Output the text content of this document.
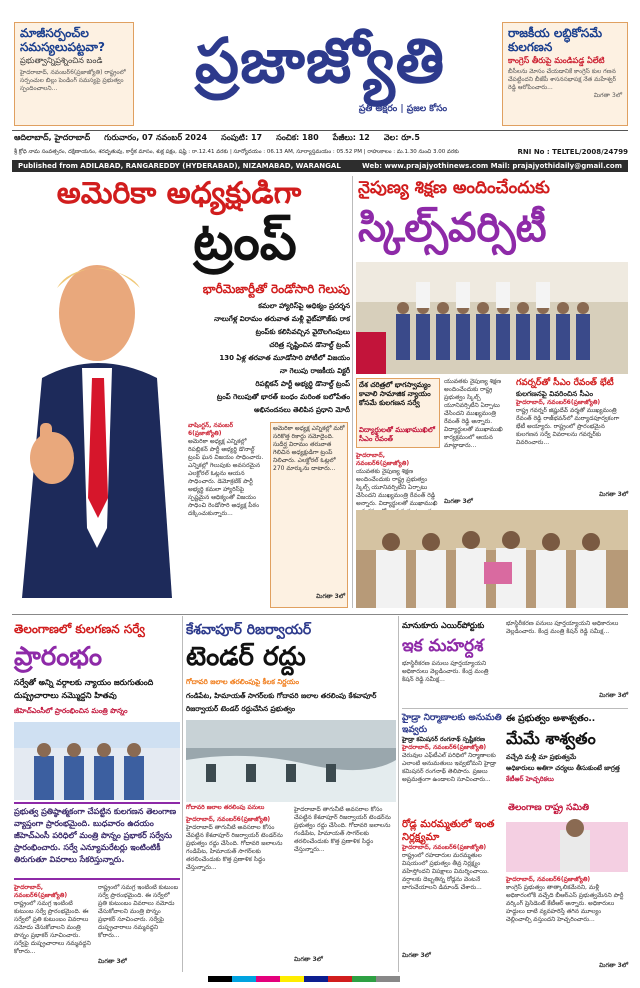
మాజీసర్పంచ్‌ల
సమస్యలుపట్టవా?
ప్రభుత్వాన్నిప్రశ్నించిన బండి
హైదరాబాద్, నవంబర్6(ప్రజాజ్యోతి) రాష్ట్రంలో సర్పంచుల బిల్లు పెండింగ్ సమస్యపై ప్రభుత్వం స్పందించాలని...	ప్రజాజ్యోతి
ప్రతి అక్షరం | ప్రజల కోసం
రాజకీయ లబ్ధికోసమే కులగణన
కాంగ్రెస్ తీరుపై మండిపడ్డ ఏలేటి
బీసీలను మోసం చేయడానికే కాంగ్రెస్ కుల గణన చేపట్టిందని బీజేపీ శాసనసభాపక్ష నేత మహేశ్వర్ రెడ్డి ఆరోపించారు...
మిగతా 3లో
ఆదిలాబాద్, హైదరాబాద్ గురువారం, 07 నవంబర్ 2024 సంపుటి: 17 సంచిక: 180 పేజీలు: 12 వెల: రూ.5
RNI No : TELTEL/2008/24799
శ్రీ క్రోధి నామ సంవత్సరం, దక్షిణాయనం, శరదృతువు, కార్తీక మాసం, శుక్ల పక్షం, షష్ఠి : రా.12.41 వరకు | సూర్యోదయం : 06.13 AM, సూర్యాస్తమయం : 05.52 PM | రాహుకాలం : మ.1.30 నుంచి 3.00 వరకు
Published from ADILABAD, RANGAREDDY (HYDERABAD), NIZAMABAD, WARANGAL	Web: www.prajajyothinews.com Mail: prajajyothidaily@gmail.com
అమెరికా అధ్యక్షుడిగా
ట్రంప్
భారీమెజార్టీతో రెండోసారి గెలుపు
కమలా హ్యారిస్‌పై ఆధిక్యం ప్రదర్శన
నాలుగేళ్ల విరామం తరువాత మళ్లీ వైట్‌హౌజ్‌కు రాక
ట్రంప్‌కు కలిసివచ్చిన వైదొలగింపులు
చరిత్ర సృష్టించిన డొనాల్డ్ ట్రంప్
130 ఏళ్ల తరవాత మూడోసారి పోటీలో విజయం
నా గెలుపు రాజకీయ విక్టరీ
రిపబ్లికన్ పార్టీ అభ్యర్థి డొనాల్డ్ ట్రంప్
ట్రంప్ గెలుపుతో భారత్ బంధం మరింత బలోపేతం
అభినందనలు తెలిపిన ప్రధాని మోదీ
వాషింగ్టన్, నవంబర్ 6(ప్రజాజ్యోతి)
అమెరికా అధ్యక్ష ఎన్నికల్లో రిపబ్లికన్ పార్టీ అభ్యర్థి డొనాల్డ్ ట్రంప్ ఘన విజయం సాధించారు. ఎన్నికల్లో గెలుపుకు అవసరమైన ఎలక్టోరల్ ఓట్లను ఆయన సాధించారు. డెమోక్రటిక్ పార్టీ అభ్యర్థి కమలా హ్యారిస్‌పై స్పష్టమైన ఆధిక్యంతో విజయం సాధించి రెండోసారి అధ్యక్ష పీఠం దక్కించుకున్నారు...
అమెరికా అధ్యక్ష ఎన్నికల్లో మరో సరికొత్త రికార్డు నమోదైంది. సుదీర్ఘ విరామం తరువాత గెలిచిన అధ్యక్షుడిగా ట్రంప్ నిలిచారు. ఎలక్టోరల్ ఓట్లలో 270 మార్కును దాటారు...
మిగతా 3లో
నైపుణ్య శిక్షణ అందించేందుకు
స్కిల్స్‌వర్సిటీ
దేశ చరిత్రలో భాగస్వామ్యం కావాలి సామాజిక న్యాయం కోసమే కులగణన సర్వే
విద్యార్థులతో ముఖాముఖిలో సీఎం రేవంత్
యువతకు నైపుణ్య శిక్షణ అందించేందుకు రాష్ట్ర ప్రభుత్వం స్కిల్స్ యూనివర్సిటీని ఏర్పాటు చేసిందని ముఖ్యమంత్రి రేవంత్ రెడ్డి అన్నారు. విద్యార్థులతో ముఖాముఖి కార్యక్రమంలో ఆయన మాట్లాడారు...
మిగతా 3లో
హైదరాబాద్, నవంబర్6(ప్రజాజ్యోతి)
యువతకు నైపుణ్య శిక్షణ అందించేందుకు రాష్ట్ర ప్రభుత్వం స్కిల్స్ యూనివర్సిటీని ఏర్పాటు చేసిందని ముఖ్యమంత్రి రేవంత్ రెడ్డి అన్నారు. విద్యార్థులతో ముఖాముఖి
గవర్నర్‌తో సీఎం రేవంత్ భేటీ
కులగణనపై వివరించిన సీఎం
హైదరాబాద్, నవంబర్6(ప్రజాజ్యోతి)
రాష్ట్ర గవర్నర్ జిష్ణుదేవ్ వర్మతో ముఖ్యమంత్రి రేవంత్ రెడ్డి రాజ్‌భవన్‌లో మర్యాదపూర్వకంగా భేటీ అయ్యారు. రాష్ట్రంలో ప్రారంభమైన కులగణన సర్వే వివరాలను గవర్నర్‌కు వివరించారు...
మిగతా 3లో
తెలంగాణలో కులగణన సర్వే
ప్రారంభం
సర్వేతో అన్ని వర్గాలకు న్యాయం జరుగుతుంది దుష్ప్రచారాలు నమ్మొద్దని హితవు
జీహెచ్ఎంసీలో ప్రారంభించిన మంత్రి పొన్నం
ప్రభుత్వ ప్రతిష్ఠాత్మకంగా చేపట్టిన కులగణన తెలంగాణ వ్యాప్తంగా ప్రారంభమైంది. బుధవారం ఉదయం జీహెచ్ఎంసీ పరిధిలో మంత్రి పొన్నం ప్రభాకర్ సర్వేను ప్రారంభించారు. సర్వే ఎన్యూమరేటర్లు ఇంటింటికీ తిరుగుతూ వివరాలు సేకరిస్తున్నారు.
హైదరాబాద్, నవంబర్6(ప్రజాజ్యోతి)
రాష్ట్రంలో సమగ్ర ఇంటింటి కుటుంబ సర్వే ప్రారంభమైంది. ఈ సర్వేలో ప్రతి కుటుంబం వివరాలు నమోదు చేసుకోవాలని మంత్రి పొన్నం ప్రభాకర్ సూచించారు. సర్వేపై దుష్ప్రచారాలు నమ్మవద్దని కోరారు...
రాష్ట్రంలో సమగ్ర ఇంటింటి కుటుంబ సర్వే ప్రారంభమైంది. ఈ సర్వేలో ప్రతి కుటుంబం వివరాలు నమోదు చేసుకోవాలని మంత్రి పొన్నం ప్రభాకర్ సూచించారు. సర్వేపై దుష్ప్రచారాలు నమ్మవద్దని కోరారు...
మిగతా 3లో
కేశవాపూర్ రిజర్వాయర్
టెండర్ రద్దు
గోదావరి జలాల తరలింపుపై కీలక నిర్ణయం
గండిపేట, హిమాయత్ సాగర్‌లకు గోదావరి జలాల తరలింపు కేశవాపూర్ రిజర్వాయర్ టెండర్ రద్దుచేసిన ప్రభుత్వం
గోదావరి జలాల తరలింపు పనులు
హైదరాబాద్, నవంబర్6(ప్రజాజ్యోతి)
హైదరాబాద్ తాగునీటి అవసరాల కోసం చేపట్టిన కేశవాపూర్ రిజర్వాయర్ టెండర్‌ను ప్రభుత్వం రద్దు చేసింది. గోదావరి జలాలను గండిపేట, హిమాయత్ సాగర్‌లకు తరలించేందుకు కొత్త ప్రణాళిక సిద్ధం చేస్తున్నారు...
హైదరాబాద్ తాగునీటి అవసరాల కోసం చేపట్టిన కేశవాపూర్ రిజర్వాయర్ టెండర్‌ను ప్రభుత్వం రద్దు చేసింది. గోదావరి జలాలను గండిపేట, హిమాయత్ సాగర్‌లకు తరలించేందుకు కొత్త ప్రణాళిక సిద్ధం చేస్తున్నారు...
మిగతా 3లో
మానుకూరు ఎయిర్‌పోర్టుకు
ఇక మహర్దశ
భూస్థిరీకరణ పనులు పూర్తయ్యాయని అధికారులు వెల్లడించారు. కేంద్ర మంత్రి కిషన్ రెడ్డి సమీక్ష...
భూస్థిరీకరణ పనులు పూర్తయ్యాయని అధికారులు వెల్లడించారు. కేంద్ర మంత్రి కిషన్ రెడ్డి సమీక్ష...
మిగతా 3లో
హైడ్రా నిర్మాణాలకు అనుమతి ఇవ్వరు
హైడ్రా కమిషనర్ రంగనాథ్ స్పష్టీకరణ
హైదరాబాద్, నవంబర్6(ప్రజాజ్యోతి)
చెరువుల ఎఫ్‌టీఎల్ పరిధిలో నిర్మాణాలకు ఎలాంటి అనుమతులు ఇవ్వబోమని హైడ్రా కమిషనర్ రంగనాథ్ తెలిపారు. ప్రజలు అప్రమత్తంగా ఉండాలని సూచించారు...
రోడ్ల మరమ్మతులో ఇంత నిర్లక్ష్యమా
హైదరాబాద్, నవంబర్6(ప్రజాజ్యోతి)
రాష్ట్రంలో రహదారుల మరమ్మతుల విషయంలో ప్రభుత్వం తీవ్ర నిర్లక్ష్యం వహిస్తోందని విపక్షాలు విమర్శించాయి. వర్షాలకు దెబ్బతిన్న రోడ్లను వెంటనే బాగుచేయాలని డిమాండ్ చేశారు...
మిగతా 3లో
ఈ ప్రభుత్వం అశాశ్వతం..
మేమే శాశ్వతం
వచ్చేది మళ్లీ మా ప్రభుత్వమే
అధికారులు అతిగా చర్యలు తీసుకుంటే జాగ్రత్త
కేటీఆర్ హెచ్చరికలు
తెలంగాణ రాష్ట్ర సమితి
హైదరాబాద్, నవంబర్6(ప్రజాజ్యోతి)
కాంగ్రెస్ ప్రభుత్వం తాత్కాలికమేనని, మళ్లీ అధికారంలోకి వచ్చేది బీఆర్ఎస్ ప్రభుత్వమేనని పార్టీ వర్కింగ్ ప్రెసిడెంట్ కేటీఆర్ అన్నారు. అధికారులు హద్దులు దాటి వ్యవహరిస్తే తగిన మూల్యం చెల్లించాల్సి వస్తుందని హెచ్చరించారు...
మిగతా 3లో
